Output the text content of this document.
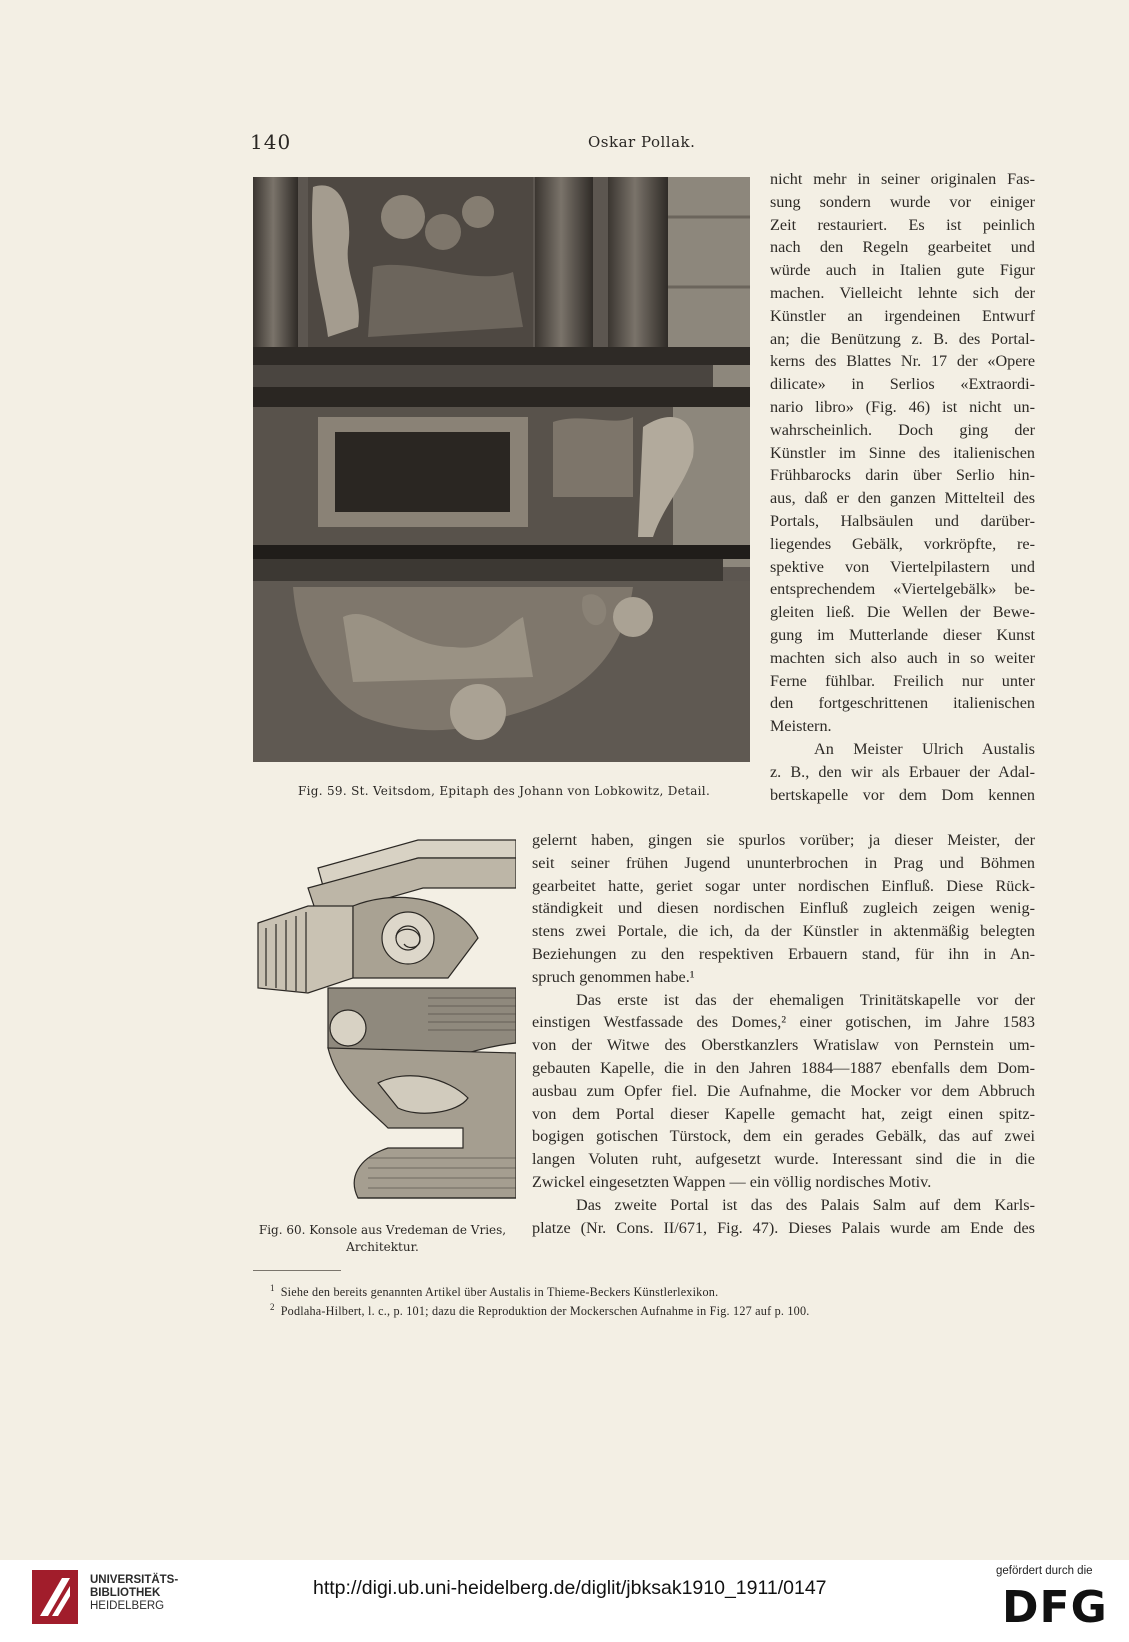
140	Oskar Pollak.
Fig. 59. St. Veitsdom, Epitaph des Johann von Lobkowitz, Detail.
Fig. 60. Konsole aus Vredeman de Vries,
Architektur.
nicht mehr in seiner originalen Fas-
sung sondern wurde vor einiger
Zeit restauriert. Es ist peinlich
nach den Regeln gearbeitet und
würde auch in Italien gute Figur
machen. Vielleicht lehnte sich der
Künstler an irgendeinen Entwurf
an; die Benützung z. B. des Portal-
kerns des Blattes Nr. 17 der «Opere
dilicate» in Serlios «Extraordi-
nario libro» (Fig. 46) ist nicht un-
wahrscheinlich. Doch ging der
Künstler im Sinne des italienischen
Frühbarocks darin über Serlio hin-
aus, daß er den ganzen Mittelteil des
Portals, Halbsäulen und darüber-
liegendes Gebälk, vorkröpfte, re-
spektive von Viertelpilastern und
entsprechendem «Viertelgebälk» be-
gleiten ließ. Die Wellen der Bewe-
gung im Mutterlande dieser Kunst
machten sich also auch in so weiter
Ferne fühlbar. Freilich nur unter
den fortgeschrittenen italienischen
Meistern.
An Meister Ulrich Austalis
z. B., den wir als Erbauer der Adal-
bertskapelle vor dem Dom kennen
gelernt haben, gingen sie spurlos vorüber; ja dieser Meister, der
seit seiner frühen Jugend ununterbrochen in Prag und Böhmen
gearbeitet hatte, geriet sogar unter nordischen Einfluß. Diese Rück-
ständigkeit und diesen nordischen Einfluß zugleich zeigen wenig-
stens zwei Portale, die ich, da der Künstler in aktenmäßig belegten
Beziehungen zu den respektiven Erbauern stand, für ihn in An-
spruch genommen habe.¹
Das erste ist das der ehemaligen Trinitätskapelle vor der
einstigen Westfassade des Domes,² einer gotischen, im Jahre 1583
von der Witwe des Oberstkanzlers Wratislaw von Pernstein um-
gebauten Kapelle, die in den Jahren 1884—1887 ebenfalls dem Dom-
ausbau zum Opfer fiel. Die Aufnahme, die Mocker vor dem Abbruch
von dem Portal dieser Kapelle gemacht hat, zeigt einen spitz-
bogigen gotischen Türstock, dem ein gerades Gebälk, das auf zwei
langen Voluten ruht, aufgesetzt wurde. Interessant sind die in die
Zwickel eingesetzten Wappen — ein völlig nordisches Motiv.
Das zweite Portal ist das des Palais Salm auf dem Karls-
platze (Nr. Cons. II/671, Fig. 47). Dieses Palais wurde am Ende des
$^1$ Siehe den bereits genannten Artikel über Austalis in Thieme-Beckers Künstlerlexikon.
$^2$ Podlaha-Hilbert, l. c., p. 101; dazu die Reproduktion der Mockerschen Aufnahme in Fig. 127 auf p. 100.
UNIVERSITÄTS-
BIBLIOTHEK
HEIDELBERG
http://digi.ub.uni-heidelberg.de/diglit/jbksak1910_1911/0147
gefördert durch die
DFG
